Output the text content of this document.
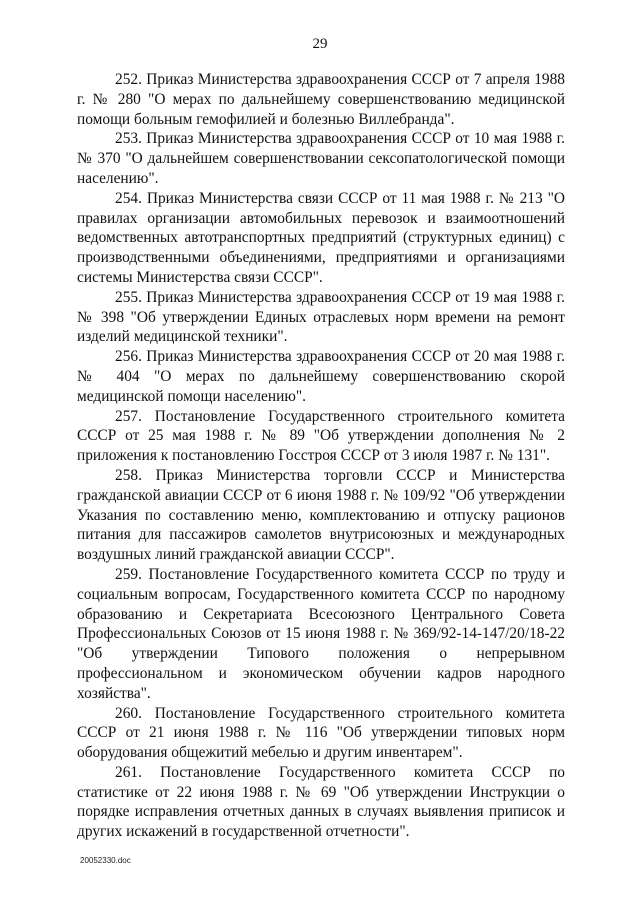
29

252. Приказ Министерства здравоохранения СССР от 7 апреля 1988 г. № 280 "О мерах по дальнейшему совершенствованию медицинской помощи больным гемофилией и болезнью Виллебранда".

253. Приказ Министерства здравоохранения СССР от 10 мая 1988 г. № 370 "О дальнейшем совершенствовании сексопатологической помощи населению".

254. Приказ Министерства связи СССР от 11 мая 1988 г. № 213 "О правилах организации автомобильных перевозок и взаимоотношений ведомственных автотранспортных предприятий (структурных единиц) с производственными объединениями, предприятиями и организациями системы Министерства связи СССР".

255. Приказ Министерства здравоохранения СССР от 19 мая 1988 г. № 398 "Об утверждении Единых отраслевых норм времени на ремонт изделий медицинской техники".

256. Приказ Министерства здравоохранения СССР от 20 мая 1988 г. № 404 "О мерах по дальнейшему совершенствованию скорой медицинской помощи населению".

257. Постановление Государственного строительного комитета СССР от 25 мая 1988 г. № 89 "Об утверждении дополнения № 2 приложения к постановлению Госстроя СССР от 3 июля 1987 г. № 131".

258. Приказ Министерства торговли СССР и Министерства гражданской авиации СССР от 6 июня 1988 г. № 109/92 "Об утверждении Указания по составлению меню, комплектованию и отпуску рационов питания для пассажиров самолетов внутрисоюзных и международных воздушных линий гражданской авиации СССР".

259. Постановление Государственного комитета СССР по труду и социальным вопросам, Государственного комитета СССР по народному образованию и Секретариата Всесоюзного Центрального Совета Профессиональных Союзов от 15 июня 1988 г. № 369/92-14-147/20/18-22 "Об утверждении Типового положения о непрерывном профессиональном и экономическом обучении кадров народного хозяйства".

260. Постановление Государственного строительного комитета СССР от 21 июня 1988 г. № 116 "Об утверждении типовых норм оборудования общежитий мебелью и другим инвентарем".

261. Постановление Государственного комитета СССР по статистике от 22 июня 1988 г. № 69 "Об утверждении Инструкции о порядке исправления отчетных данных в случаях выявления приписок и других искажений в государственной отчетности".

20052330.doc
